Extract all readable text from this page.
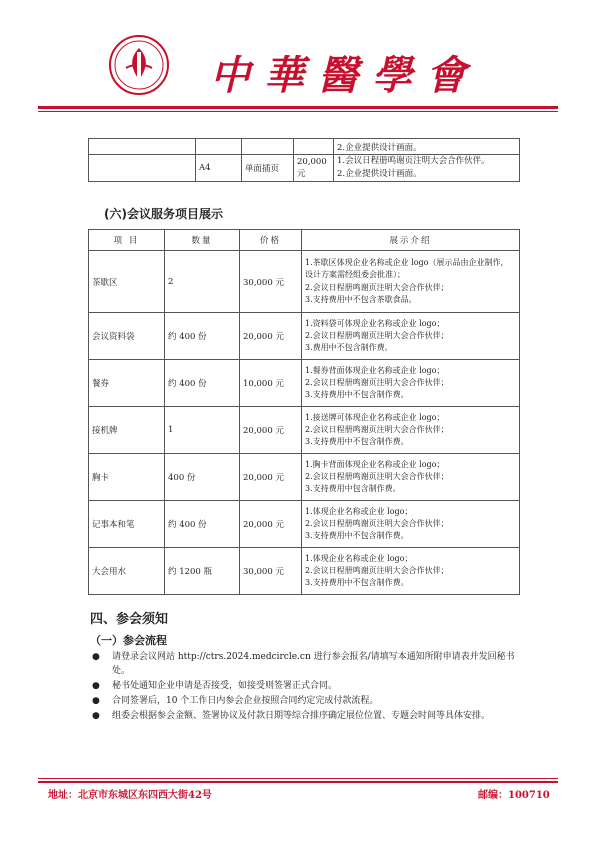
中華醫學會
				2.企业提供设计画面。
	A4	单面插页	20,000 元	1.会议日程册鸣谢页注明大会合作伙伴。
2.企业提供设计画面。
(六)会议服务项目展示
项 目	数量	价格	展示介绍
茶歇区	2	30,000 元	1.茶歇区体现企业名称或企业 logo（展示品由企业制作，设计方案需经组委会批准）；
2.会议日程册鸣谢页注明大会合作伙伴；
3.支持费用中不包含茶歇食品。
会议资料袋	约 400 份	20,000 元	1.资料袋可体现企业名称或企业 logo；
2.会议日程册鸣谢页注明大会合作伙伴；
3.费用中不包含制作费。
餐券	约 400 份	10,000 元	1.餐券背面体现企业名称或企业 logo；
2.会议日程册鸣谢页注明大会合作伙伴；
3.支持费用中不包含制作费。
接机牌	1	20,000 元	1.接送牌可体现企业名称或企业 logo；
2.会议日程册鸣谢页注明大会合作伙伴；
3.支持费用中不包含制作费。
胸卡	400 份	20,000 元	1.胸卡背面体现企业名称或企业 logo；
2.会议日程册鸣谢页注明大会合作伙伴；
3.支持费用中包含制作费。
记事本和笔	约 400 份	20,000 元	1.体现企业名称或企业 logo；
2.会议日程册鸣谢页注明大会合作伙伴；
3.支持费用中不包含制作费。
大会用水	约 1200 瓶	30,000 元	1.体现企业名称或企业 logo；
2.会议日程册鸣谢页注明大会合作伙伴；
3.支持费用中不包含制作费。
四、参会须知
（一）参会流程
● 请登录会议网站 http://ctrs.2024.medcircle.cn 进行参会报名/请填写本通知所附申请表并发回秘书处。
● 秘书处通知企业申请是否接受，如接受则签署正式合同。
● 合同签署后，10 个工作日内参会企业按照合同约定完成付款流程。
● 组委会根据参会金额、签署协议及付款日期等综合排序确定展位位置、专题会时间等具体安排。
地址：北京市东城区东四西大街42号	邮编：100710
